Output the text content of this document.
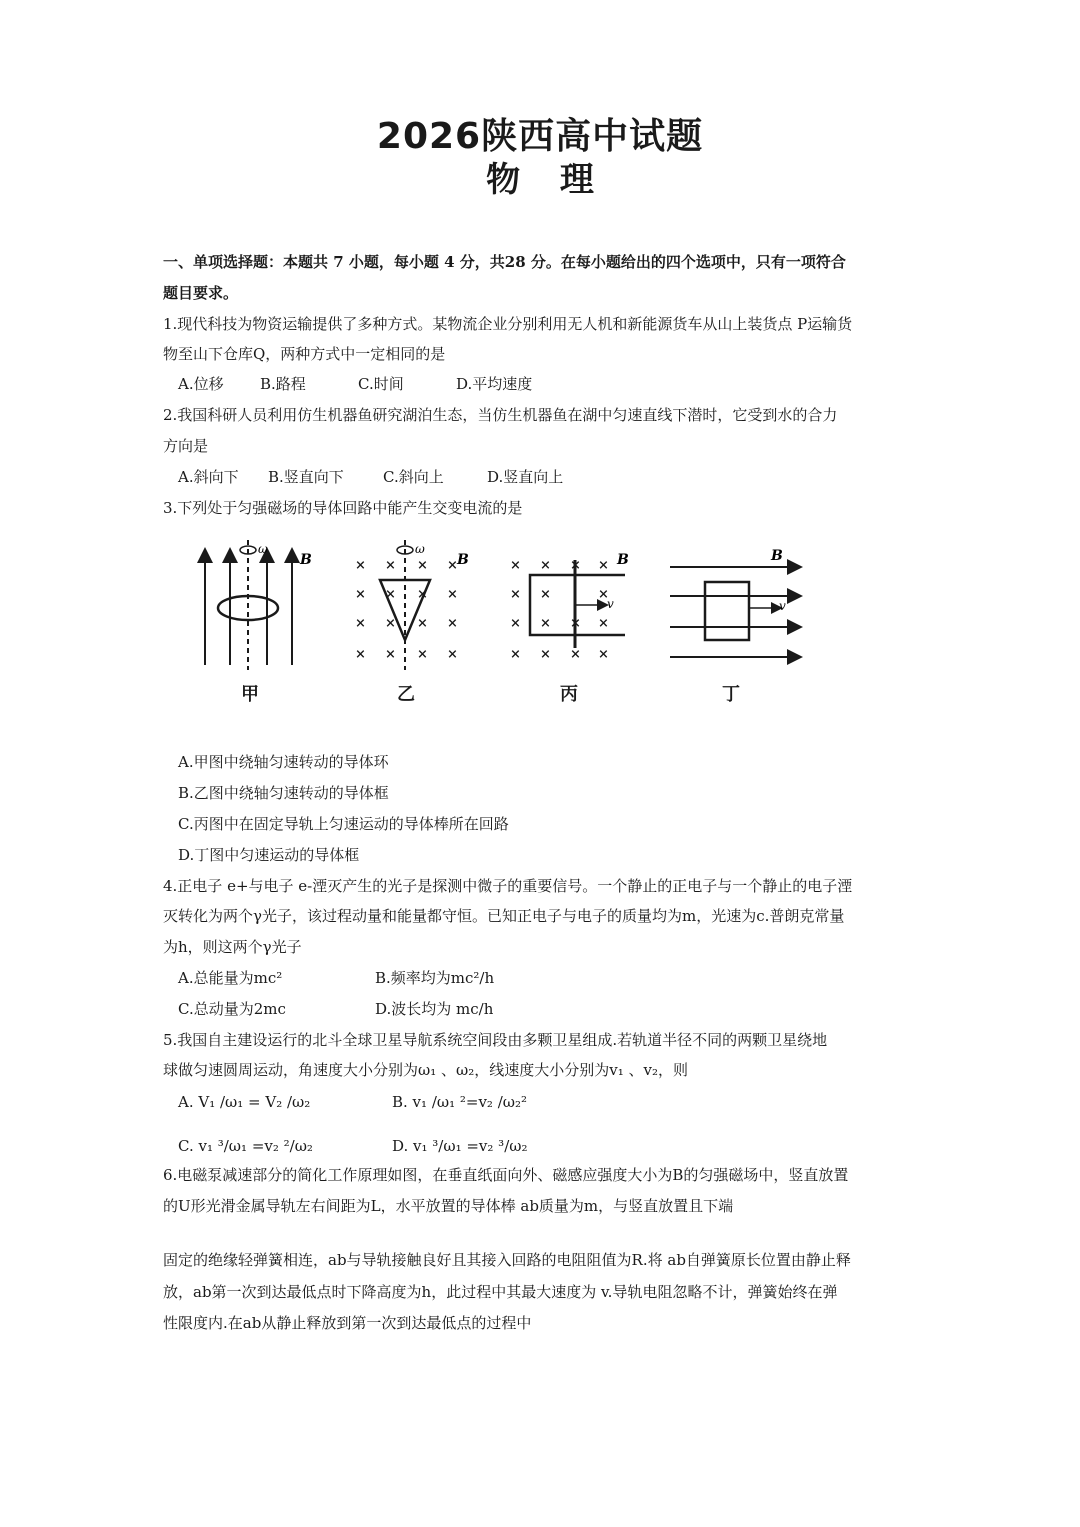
2026陕西高中试题
物 理
一、单项选择题：本题共 7 小题，每小题 4 分，共28 分。在每小题给出的四个选项中，只有一项符合
题目要求。
1.现代科技为物资运输提供了多种方式。某物流企业分别利用无人机和新能源货车从山上装货点 P运输货
物至山下仓库Q，两种方式中一定相同的是
A.位移 B.路程	C.时间	D.平均速度
2.我国科研人员利用仿生机器鱼研究湖泊生态，当仿生机器鱼在湖中匀速直线下潜时，它受到水的合力
方向是
A.斜向下 B.竖直向下	C.斜向上	D.竖直向上
3.下列处于匀强磁场的导体回路中能产生交变电流的是
ω
B
ω
B
× × × ×
× × × ×
× × × ×
× × × ×
v
B
× × × ×
× ×	×
× × × ×
× × × ×
v
B
甲	乙	丙	丁
A.甲图中绕轴匀速转动的导体环
B.乙图中绕轴匀速转动的导体框
C.丙图中在固定导轨上匀速运动的导体棒所在回路
D.丁图中匀速运动的导体框
4.正电子 e+与电子 e-湮灭产生的光子是探测中微子的重要信号。一个静止的正电子与一个静止的电子湮
灭转化为两个γ光子，该过程动量和能量都守恒。已知正电子与电子的质量均为m，光速为c.普朗克常量
为h，则这两个γ光子
A.总能量为mc²	B.频率均为mc²/h
C.总动量为2mc	D.波长均为 mc/h
5.我国自主建设运行的北斗全球卫星导航系统空间段由多颗卫星组成.若轨道半径不同的两颗卫星绕地
球做匀速圆周运动，角速度大小分别为ω₁ 、ω₂，线速度大小分别为v₁ 、v₂，则
A. V₁ /ω₁ = V₂ /ω₂	B. v₁ /ω₁ ²=v₂ /ω₂²
C. v₁ ³/ω₁ =v₂ ²/ω₂	D. v₁ ³/ω₁ =v₂ ³/ω₂
6.电磁泵减速部分的简化工作原理如图，在垂直纸面向外、磁感应强度大小为B的匀强磁场中，竖直放置
的U形光滑金属导轨左右间距为L，水平放置的导体棒 ab质量为m，与竖直放置且下端
固定的绝缘轻弹簧相连，ab与导轨接触良好且其接入回路的电阻阻值为R.将 ab自弹簧原长位置由静止释
放，ab第一次到达最低点时下降高度为h，此过程中其最大速度为 v.导轨电阻忽略不计，弹簧始终在弹
性限度内.在ab从静止释放到第一次到达最低点的过程中
